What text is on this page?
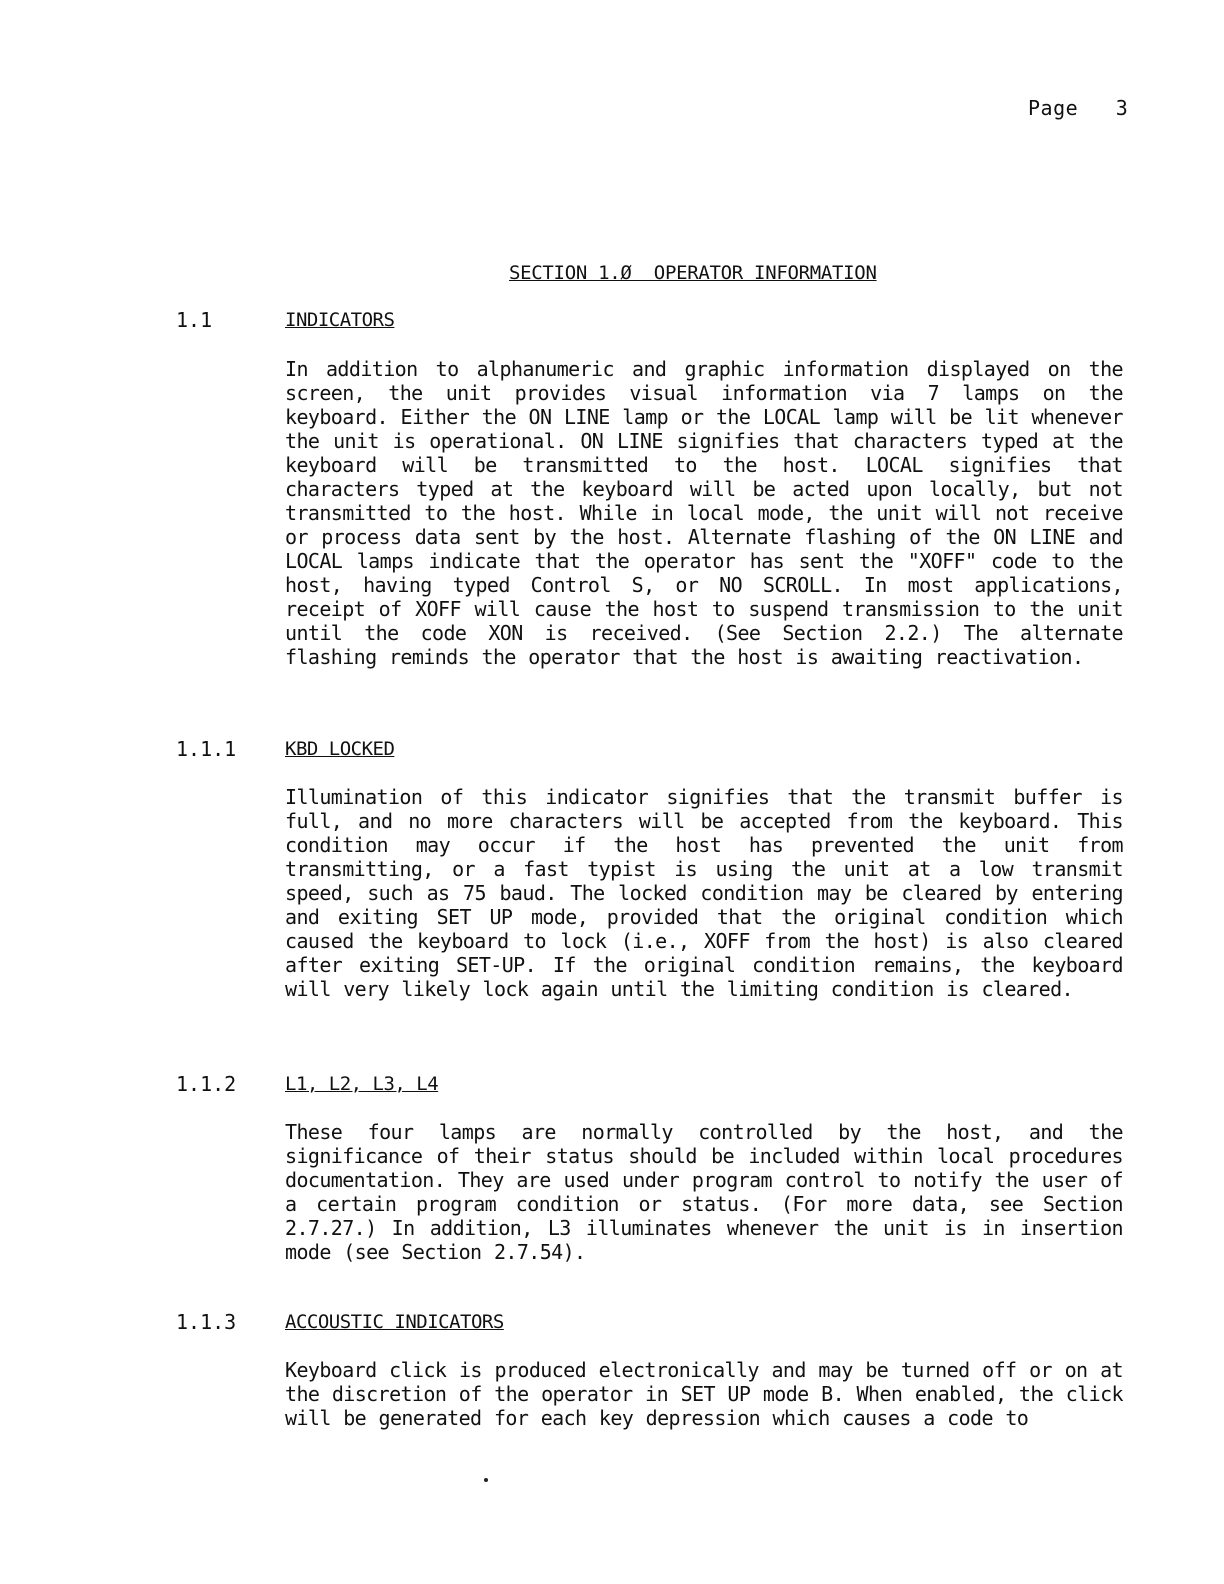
Page   3
SECTION 1.Ø  OPERATOR INFORMATION
1.1	INDICATORS
In addition to alphanumeric and graphic information displayed on the screen, the unit provides visual information via 7 lamps on the keyboard. Either the ON LINE lamp or the LOCAL lamp will be lit whenever the unit is operational. ON LINE signifies that characters typed at the keyboard will be transmitted to the host. LOCAL signifies that characters typed at the keyboard will be acted upon locally, but not transmitted to the host. While in local mode, the unit will not receive or process data sent by the host. Alternate flashing of the ON LINE and LOCAL lamps indicate that the operator has sent the "XOFF" code to the host, having typed Control S, or NO SCROLL. In most applications, receipt of XOFF will cause the host to suspend transmission to the unit until the code XON is received. (See Section 2.2.) The alternate flashing reminds the operator that the host is awaiting reactivation.
1.1.1	KBD LOCKED
Illumination of this indicator signifies that the transmit buffer is full, and no more characters will be accepted from the keyboard. This condition may occur if the host has prevented the unit from transmitting, or a fast typist is using the unit at a low transmit speed, such as 75 baud. The locked condition may be cleared by entering and exiting SET UP mode, provided that the original condition which caused the keyboard to lock (i.e., XOFF from the host) is also cleared after exiting SET-UP. If the original condition remains, the keyboard will very likely lock again until the limiting condition is cleared.
1.1.2	L1, L2, L3, L4
These four lamps are normally controlled by the host, and the significance of their status should be included within local procedures documentation. They are used under program control to notify the user of a certain program condition or status. (For more data, see Section 2.7.27.) In addition, L3 illuminates whenever the unit is in insertion mode (see Section 2.7.54).
1.1.3	ACCOUSTIC INDICATORS
Keyboard click is produced electronically and may be turned off or on at the discretion of the operator in SET UP mode B. When enabled, the click will be generated for each key depression which causes a code to
